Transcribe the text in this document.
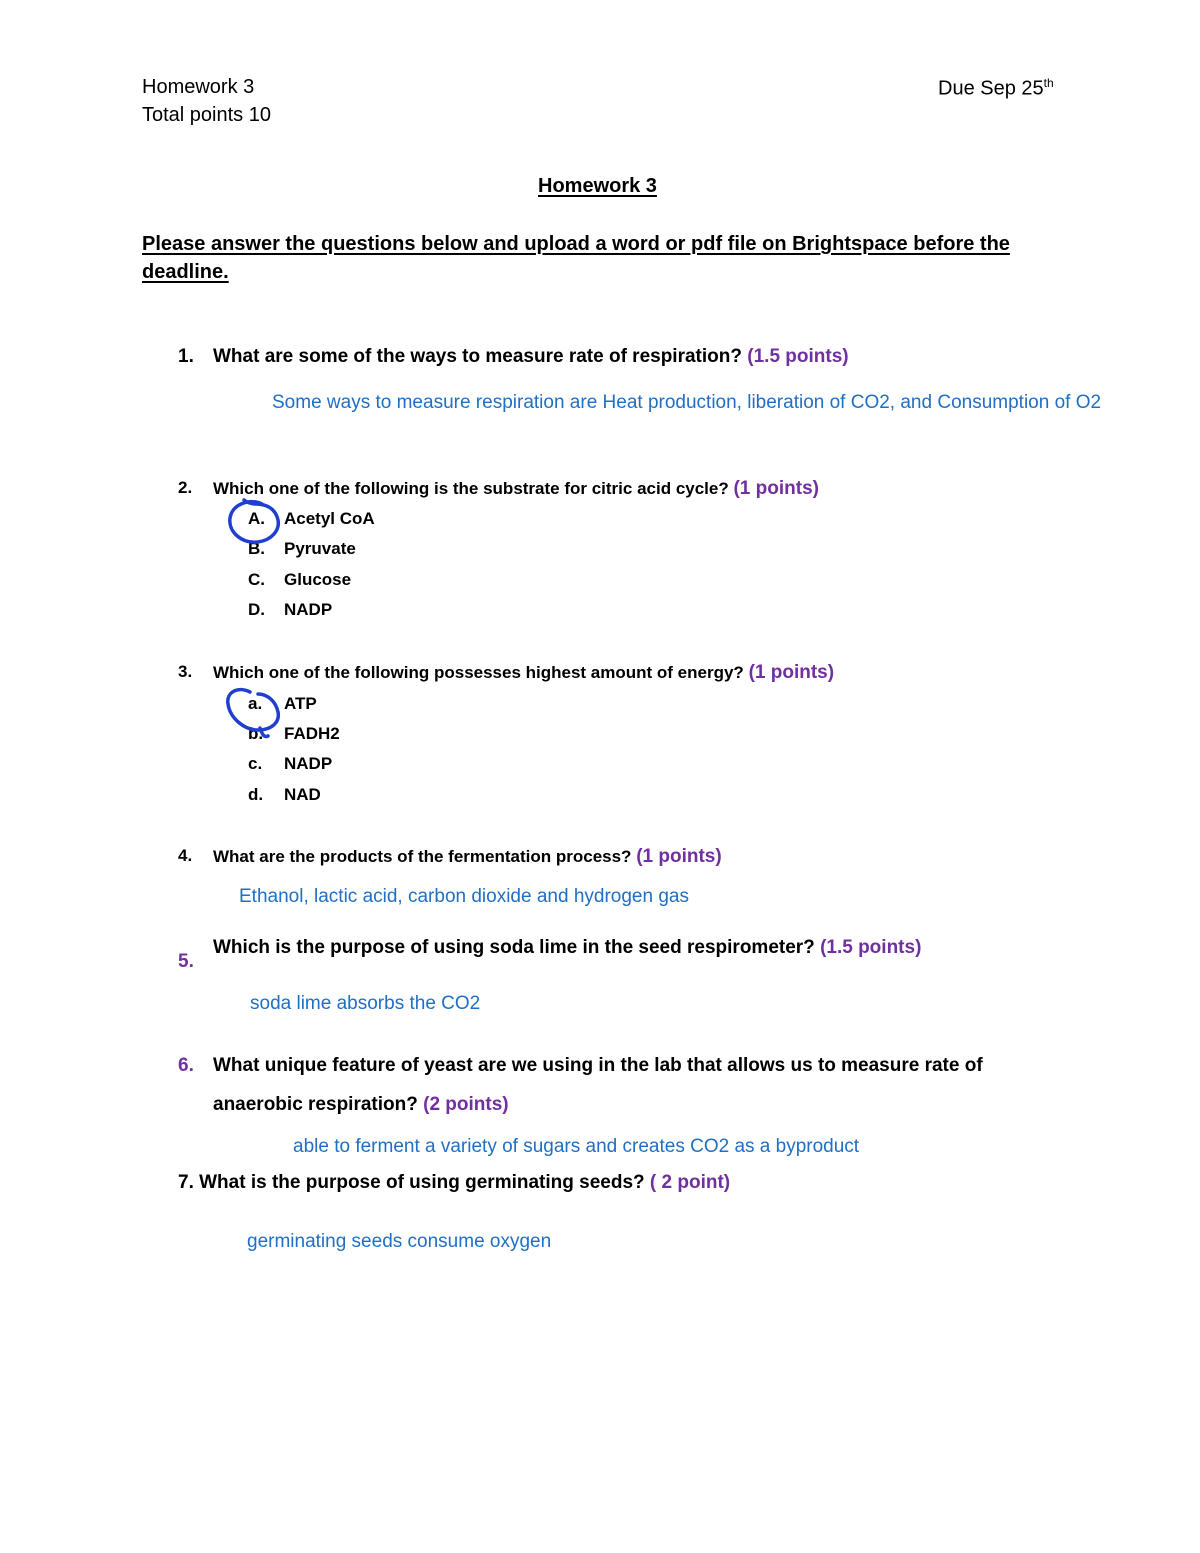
Homework 3
Total points 10
Due Sep 25th
Homework 3
Please answer the questions below and upload a word or pdf file on Brightspace before the
deadline.
1. What are some of the ways to measure rate of respiration? (1.5 points)
Some ways to measure respiration are Heat production, liberation of CO2, and Consumption of O2
2. Which one of the following is the substrate for citric acid cycle? (1 points)
A. Acetyl CoA
B. Pyruvate
C. Glucose
D. NADP
3. Which one of the following possesses highest amount of energy? (1 points)
a. ATP
b. FADH2
c. NADP
d. NAD
4. What are the products of the fermentation process? (1 points)
Ethanol, lactic acid, carbon dioxide and hydrogen gas
5.
Which is the purpose of using soda lime in the seed respirometer? (1.5 points)
soda lime absorbs the CO2
6. What unique feature of yeast are we using in the lab that allows us to measure rate of
anaerobic respiration? (2 points)
able to ferment a variety of sugars and creates CO2 as a byproduct
7. What is the purpose of using germinating seeds? ( 2 point)
germinating seeds consume oxygen
